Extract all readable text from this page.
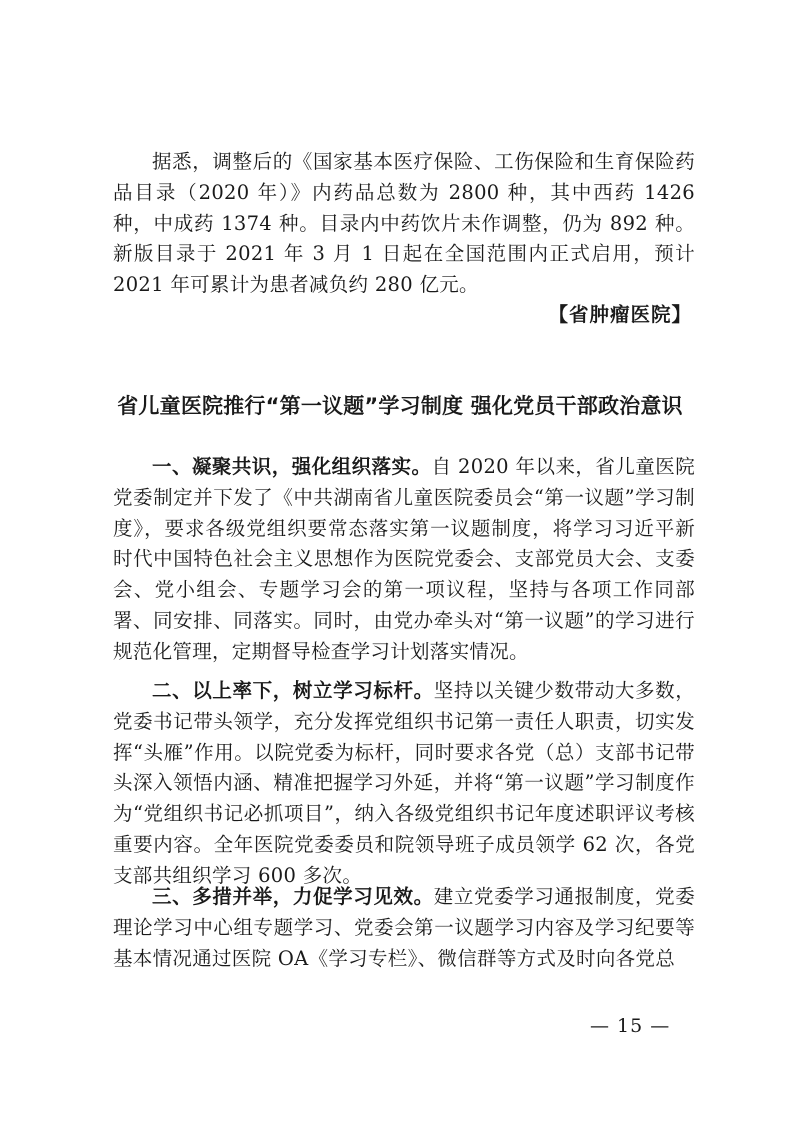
据悉，调整后的《国家基本医疗保险、工伤保险和生育保险药品目录（2020 年）》内药品总数为 2800 种，其中西药 1426 种，中成药 1374 种。目录内中药饮片未作调整，仍为 892 种。新版目录于 2021 年 3 月 1 日起在全国范围内正式启用，预计 2021 年可累计为患者减负约 280 亿元。

【省肿瘤医院】
省儿童医院推行“第一议题”学习制度 强化党员干部政治意识

一、凝聚共识，强化组织落实。自 2020 年以来，省儿童医院党委制定并下发了《中共湖南省儿童医院委员会“第一议题”学习制度》，要求各级党组织要常态落实第一议题制度，将学习习近平新时代中国特色社会主义思想作为医院党委会、支部党员大会、支委会、党小组会、专题学习会的第一项议程，坚持与各项工作同部署、同安排、同落实。同时，由党办牵头对“第一议题”的学习进行规范化管理，定期督导检查学习计划落实情况。

二、以上率下，树立学习标杆。坚持以关键少数带动大多数，党委书记带头领学，充分发挥党组织书记第一责任人职责，切实发挥“头雁”作用。以院党委为标杆，同时要求各党（总）支部书记带头深入领悟内涵、精准把握学习外延，并将“第一议题”学习制度作为“党组织书记必抓项目”，纳入各级党组织书记年度述职评议考核重要内容。全年医院党委委员和院领导班子成员领学 62 次，各党支部共组织学习 600 多次。

三、多措并举，力促学习见效。建立党委学习通报制度，党委理论学习中心组专题学习、党委会第一议题学习内容及学习纪要等基本情况通过医院 OA《学习专栏》、微信群等方式及时向各党总

— 15 —
